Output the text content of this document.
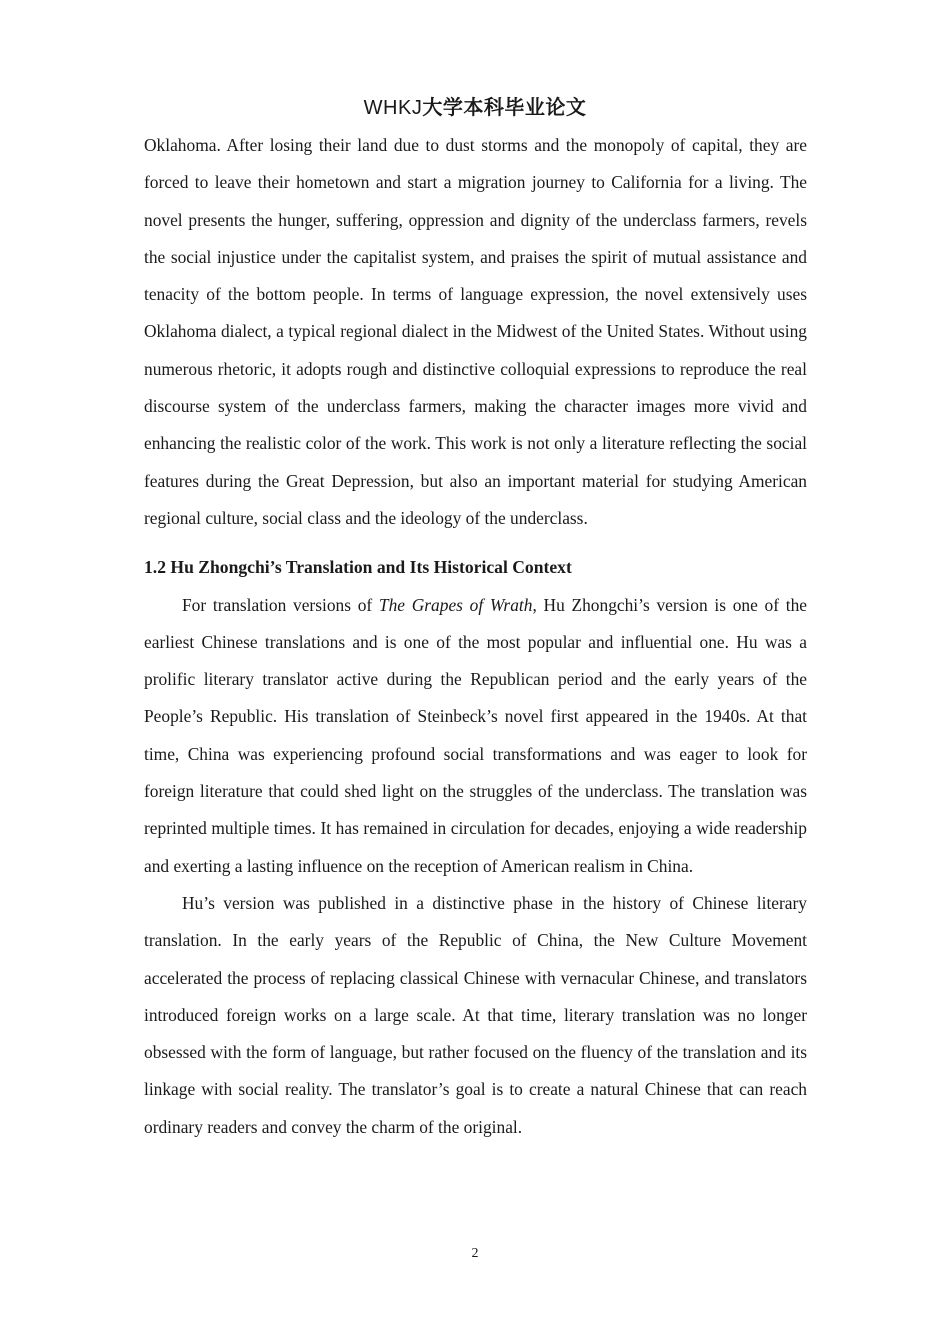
WHKJ大学本科毕业论文

Oklahoma. After losing their land due to dust storms and the monopoly of capital, they are forced to leave their hometown and start a migration journey to California for a living. The novel presents the hunger, suffering, oppression and dignity of the underclass farmers, revels the social injustice under the capitalist system, and praises the spirit of mutual assistance and tenacity of the bottom people. In terms of language expression, the novel extensively uses Oklahoma dialect, a typical regional dialect in the Midwest of the United States. Without using numerous rhetoric, it adopts rough and distinctive colloquial expressions to reproduce the real discourse system of the underclass farmers, making the character images more vivid and enhancing the realistic color of the work. This work is not only a literature reflecting the social features during the Great Depression, but also an important material for studying American regional culture, social class and the ideology of the underclass.

1.2 Hu Zhongchi’s Translation and Its Historical Context

For translation versions of The Grapes of Wrath, Hu Zhongchi’s version is one of the earliest Chinese translations and is one of the most popular and influential one. Hu was a prolific literary translator active during the Republican period and the early years of the People’s Republic. His translation of Steinbeck’s novel first appeared in the 1940s. At that time, China was experiencing profound social transformations and was eager to look for foreign literature that could shed light on the struggles of the underclass. The translation was reprinted multiple times. It has remained in circulation for decades, enjoying a wide readership and exerting a lasting influence on the reception of American realism in China.

Hu’s version was published in a distinctive phase in the history of Chinese literary translation. In the early years of the Republic of China, the New Culture Movement accelerated the process of replacing classical Chinese with vernacular Chinese, and translators introduced foreign works on a large scale. At that time, literary translation was no longer obsessed with the form of language, but rather focused on the fluency of the translation and its linkage with social reality. The translator’s goal is to create a natural Chinese that can reach ordinary readers and convey the charm of the original.

2
